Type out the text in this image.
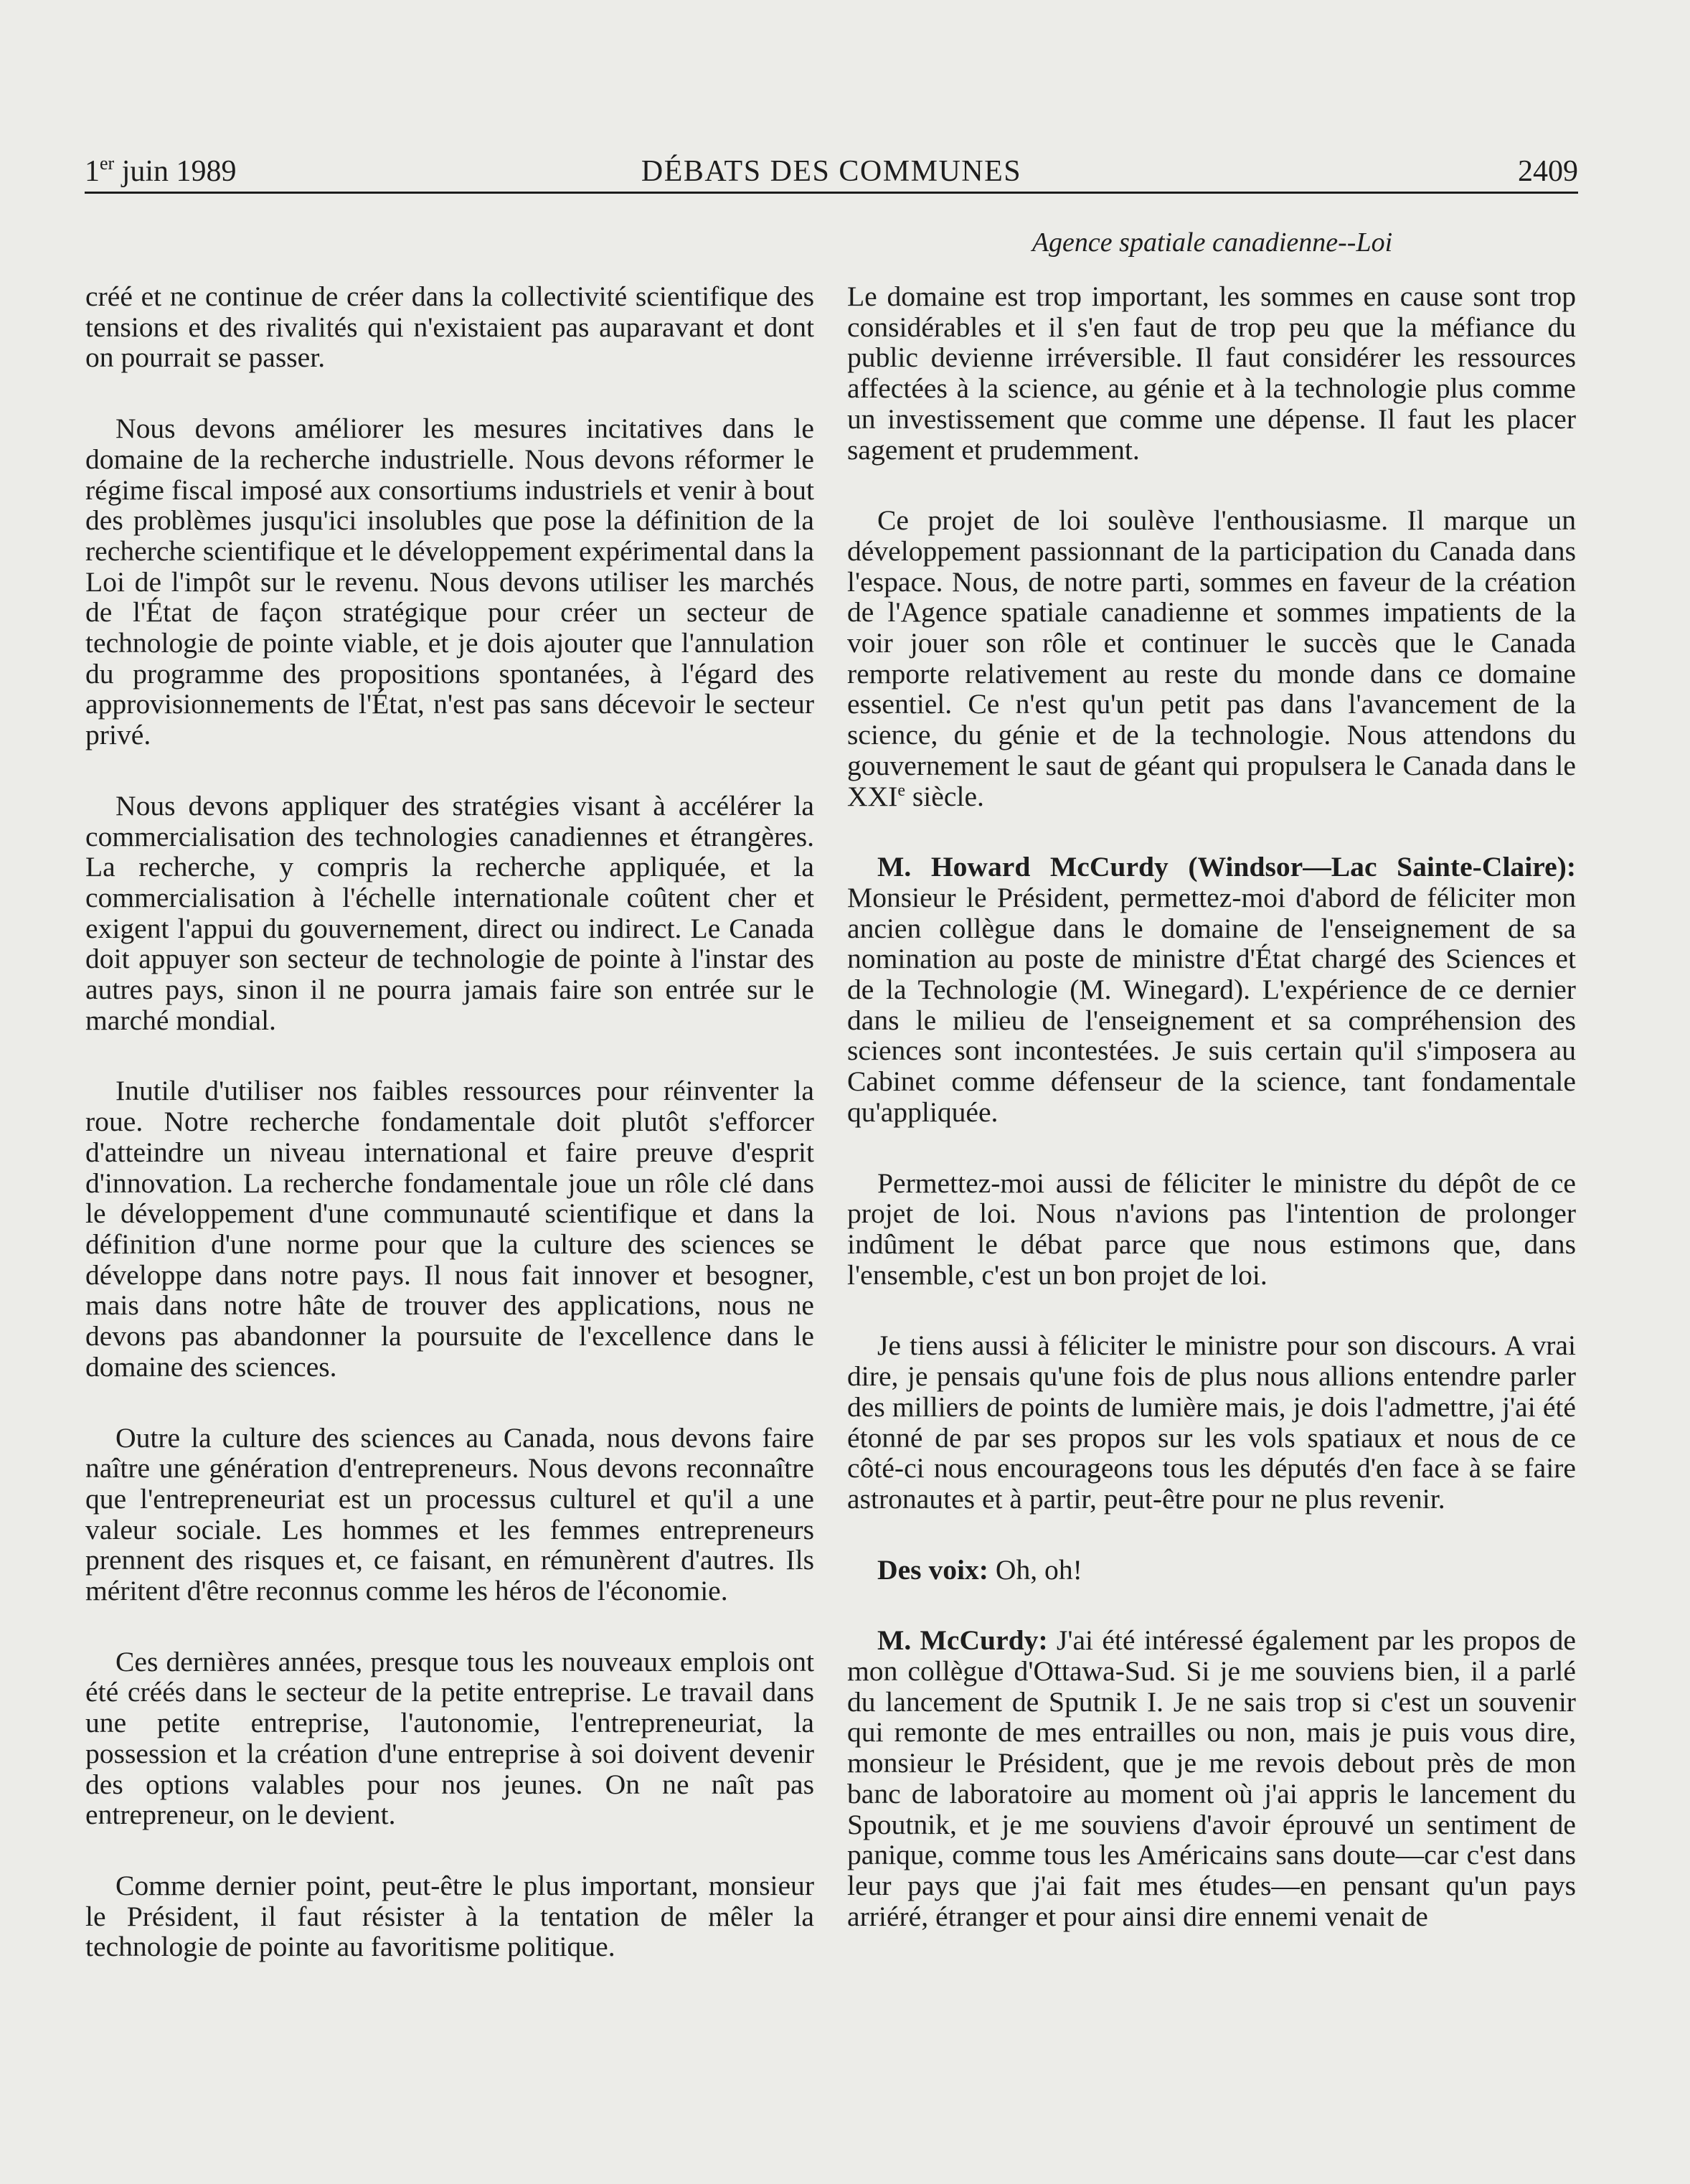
1er juin 1989	DÉBATS DES COMMUNES	2409
Agence spatiale canadienne--Loi

créé et ne continue de créer dans la collectivité scientifique des tensions et des rivalités qui n'existaient pas auparavant et dont on pourrait se passer.

Nous devons améliorer les mesures incitatives dans le domaine de la recherche industrielle. Nous devons réformer le régime fiscal imposé aux consortiums industriels et venir à bout des problèmes jusqu'ici insolubles que pose la définition de la recherche scientifique et le développement expérimental dans la Loi de l'impôt sur le revenu. Nous devons utiliser les marchés de l'État de façon stratégique pour créer un secteur de technologie de pointe viable, et je dois ajouter que l'annulation du programme des propositions spontanées, à l'égard des approvisionnements de l'État, n'est pas sans décevoir le secteur privé.

Nous devons appliquer des stratégies visant à accélérer la commercialisation des technologies canadiennes et étrangères. La recherche, y compris la recherche appliquée, et la commercialisation à l'échelle internationale coûtent cher et exigent l'appui du gouvernement, direct ou indirect. Le Canada doit appuyer son secteur de technologie de pointe à l'instar des autres pays, sinon il ne pourra jamais faire son entrée sur le marché mondial.

Inutile d'utiliser nos faibles ressources pour réinventer la roue. Notre recherche fondamentale doit plutôt s'efforcer d'atteindre un niveau international et faire preuve d'esprit d'innovation. La recherche fondamentale joue un rôle clé dans le développement d'une communauté scientifique et dans la définition d'une norme pour que la culture des sciences se développe dans notre pays. Il nous fait innover et besogner, mais dans notre hâte de trouver des applications, nous ne devons pas abandonner la poursuite de l'excellence dans le domaine des sciences.

Outre la culture des sciences au Canada, nous devons faire naître une génération d'entrepreneurs. Nous devons reconnaître que l'entrepreneuriat est un processus culturel et qu'il a une valeur sociale. Les hommes et les femmes entrepreneurs prennent des risques et, ce faisant, en rémunèrent d'autres. Ils méritent d'être reconnus comme les héros de l'économie.

Ces dernières années, presque tous les nouveaux emplois ont été créés dans le secteur de la petite entreprise. Le travail dans une petite entreprise, l'autonomie, l'entrepreneuriat, la possession et la création d'une entreprise à soi doivent devenir des options valables pour nos jeunes. On ne naît pas entrepreneur, on le devient.

Comme dernier point, peut-être le plus important, monsieur le Président, il faut résister à la tentation de mêler la technologie de pointe au favoritisme politique.

Le domaine est trop important, les sommes en cause sont trop considérables et il s'en faut de trop peu que la méfiance du public devienne irréversible. Il faut considérer les ressources affectées à la science, au génie et à la technologie plus comme un investissement que comme une dépense. Il faut les placer sagement et prudemment.

Ce projet de loi soulève l'enthousiasme. Il marque un développement passionnant de la participation du Canada dans l'espace. Nous, de notre parti, sommes en faveur de la création de l'Agence spatiale canadienne et sommes impatients de la voir jouer son rôle et continuer le succès que le Canada remporte relativement au reste du monde dans ce domaine essentiel. Ce n'est qu'un petit pas dans l'avancement de la science, du génie et de la technologie. Nous attendons du gouvernement le saut de géant qui propulsera le Canada dans le XXIe siècle.

M. Howard McCurdy (Windsor—Lac Sainte-Claire): Monsieur le Président, permettez-moi d'abord de féliciter mon ancien collègue dans le domaine de l'enseignement de sa nomination au poste de ministre d'État chargé des Sciences et de la Technologie (M. Winegard). L'expérience de ce dernier dans le milieu de l'enseignement et sa compréhension des sciences sont incontestées. Je suis certain qu'il s'imposera au Cabinet comme défenseur de la science, tant fondamentale qu'appliquée.

Permettez-moi aussi de féliciter le ministre du dépôt de ce projet de loi. Nous n'avions pas l'intention de prolonger indûment le débat parce que nous estimons que, dans l'ensemble, c'est un bon projet de loi.

Je tiens aussi à féliciter le ministre pour son discours. A vrai dire, je pensais qu'une fois de plus nous allions entendre parler des milliers de points de lumière mais, je dois l'admettre, j'ai été étonné de par ses propos sur les vols spatiaux et nous de ce côté-ci nous encourageons tous les députés d'en face à se faire astronautes et à partir, peut-être pour ne plus revenir.

Des voix: Oh, oh!

M. McCurdy: J'ai été intéressé également par les propos de mon collègue d'Ottawa-Sud. Si je me souviens bien, il a parlé du lancement de Sputnik I. Je ne sais trop si c'est un souvenir qui remonte de mes entrailles ou non, mais je puis vous dire, monsieur le Président, que je me revois debout près de mon banc de laboratoire au moment où j'ai appris le lancement du Spoutnik, et je me souviens d'avoir éprouvé un sentiment de panique, comme tous les Américains sans doute—car c'est dans leur pays que j'ai fait mes études—en pensant qu'un pays arriéré, étranger et pour ainsi dire ennemi venait de
